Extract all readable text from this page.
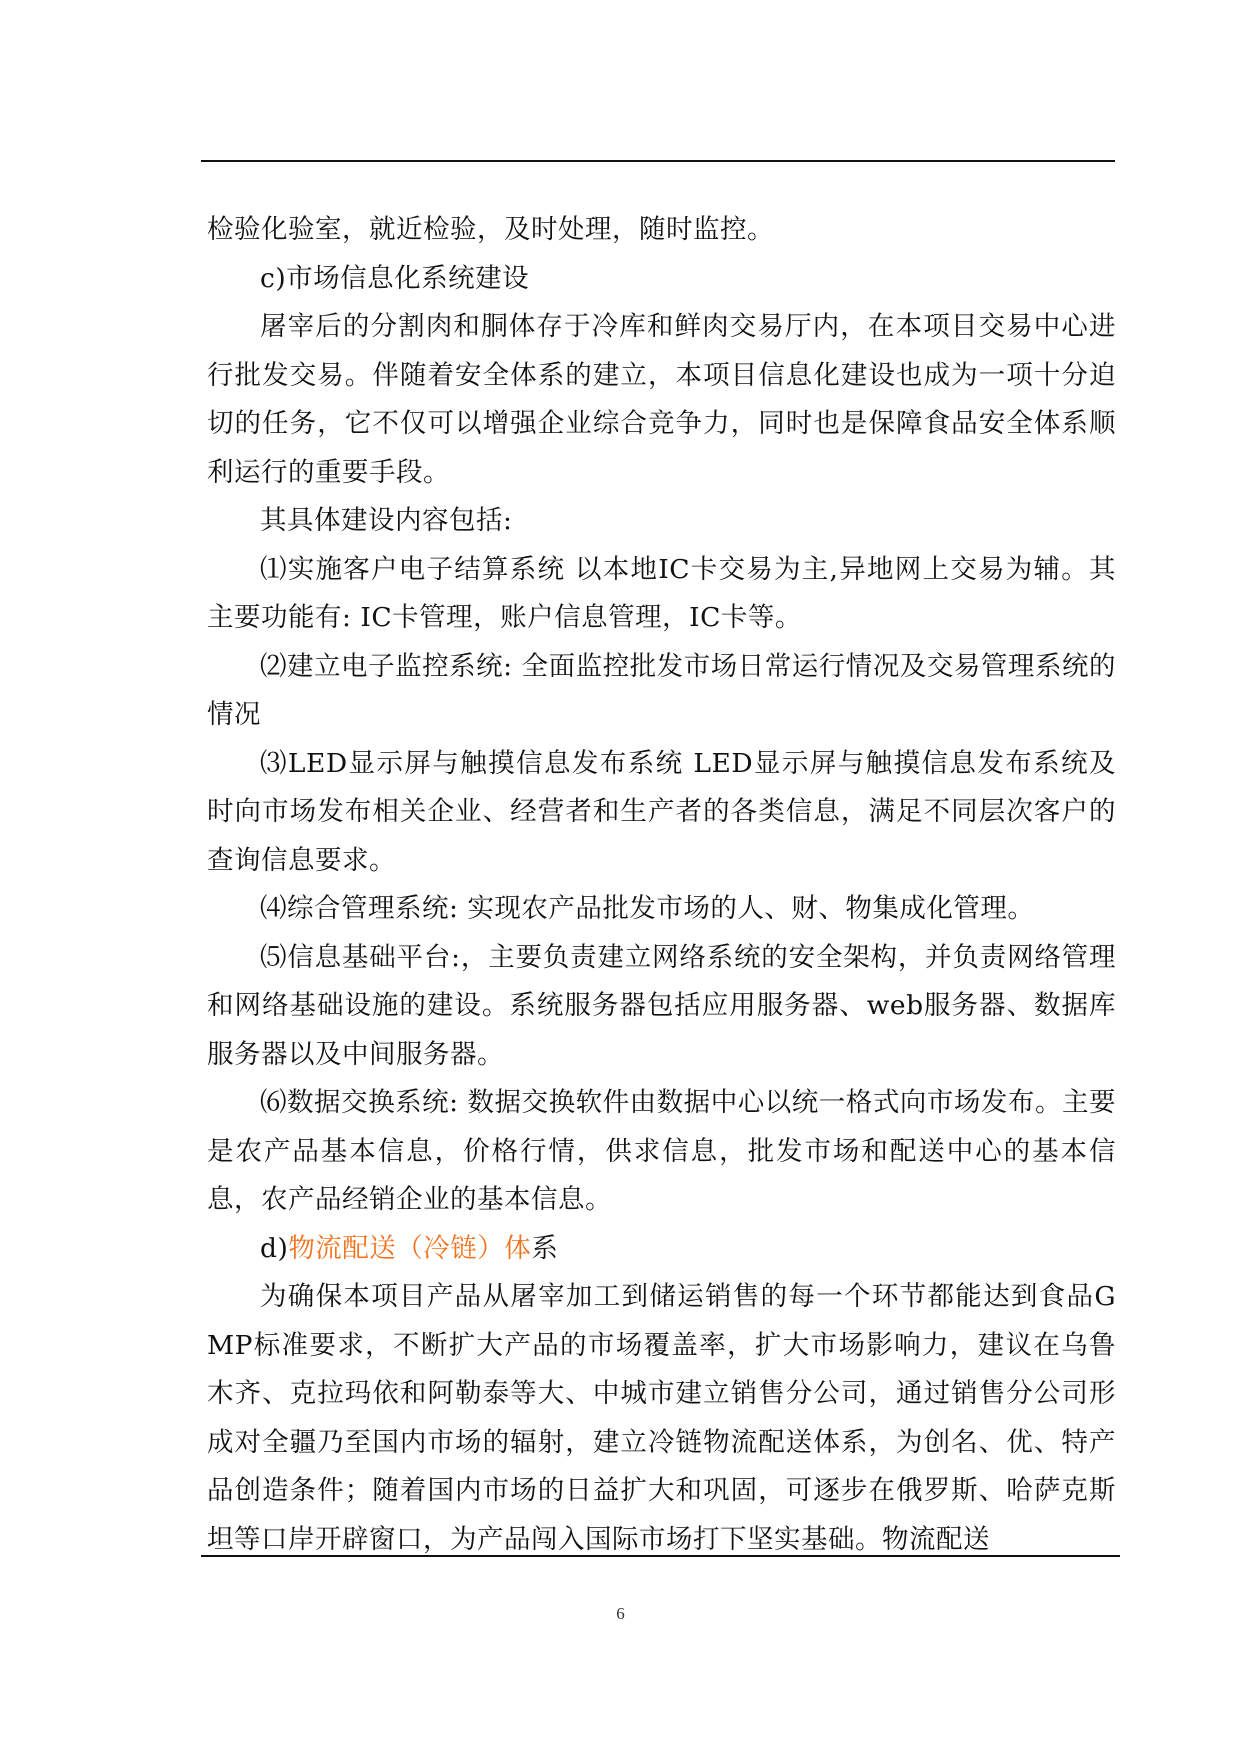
检验化验室，就近检验，及时处理，随时监控。

c)市场信息化系统建设

屠宰后的分割肉和胴体存于冷库和鲜肉交易厅内，在本项目交易中心进行批发交易。伴随着安全体系的建立，本项目信息化建设也成为一项十分迫切的任务，它不仅可以增强企业综合竞争力，同时也是保障食品安全体系顺利运行的重要手段。

其具体建设内容包括:

⑴实施客户电子结算系统 以本地IC卡交易为主,异地网上交易为辅。其主要功能有: IC卡管理，账户信息管理，IC卡等。

⑵建立电子监控系统: 全面监控批发市场日常运行情况及交易管理系统的情况

⑶LED显示屏与触摸信息发布系统 LED显示屏与触摸信息发布系统及时向市场发布相关企业、经营者和生产者的各类信息，满足不同层次客户的查询信息要求。

⑷综合管理系统: 实现农产品批发市场的人、财、物集成化管理。

⑸信息基础平台:，主要负责建立网络系统的安全架构，并负责网络管理和网络基础设施的建设。系统服务器包括应用服务器、web服务器、数据库服务器以及中间服务器。

⑹数据交换系统: 数据交换软件由数据中心以统一格式向市场发布。主要是农产品基本信息，价格行情，供求信息，批发市场和配送中心的基本信息，农产品经销企业的基本信息。

d)物流配送（冷链）体系

为确保本项目产品从屠宰加工到储运销售的每一个环节都能达到食品GMP标准要求，不断扩大产品的市场覆盖率，扩大市场影响力，建议在乌鲁木齐、克拉玛依和阿勒泰等大、中城市建立销售分公司，通过销售分公司形成对全疆乃至国内市场的辐射，建立冷链物流配送体系，为创名、优、特产品创造条件；随着国内市场的日益扩大和巩固，可逐步在俄罗斯、哈萨克斯坦等口岸开辟窗口，为产品闯入国际市场打下坚实基础。物流配送

6
